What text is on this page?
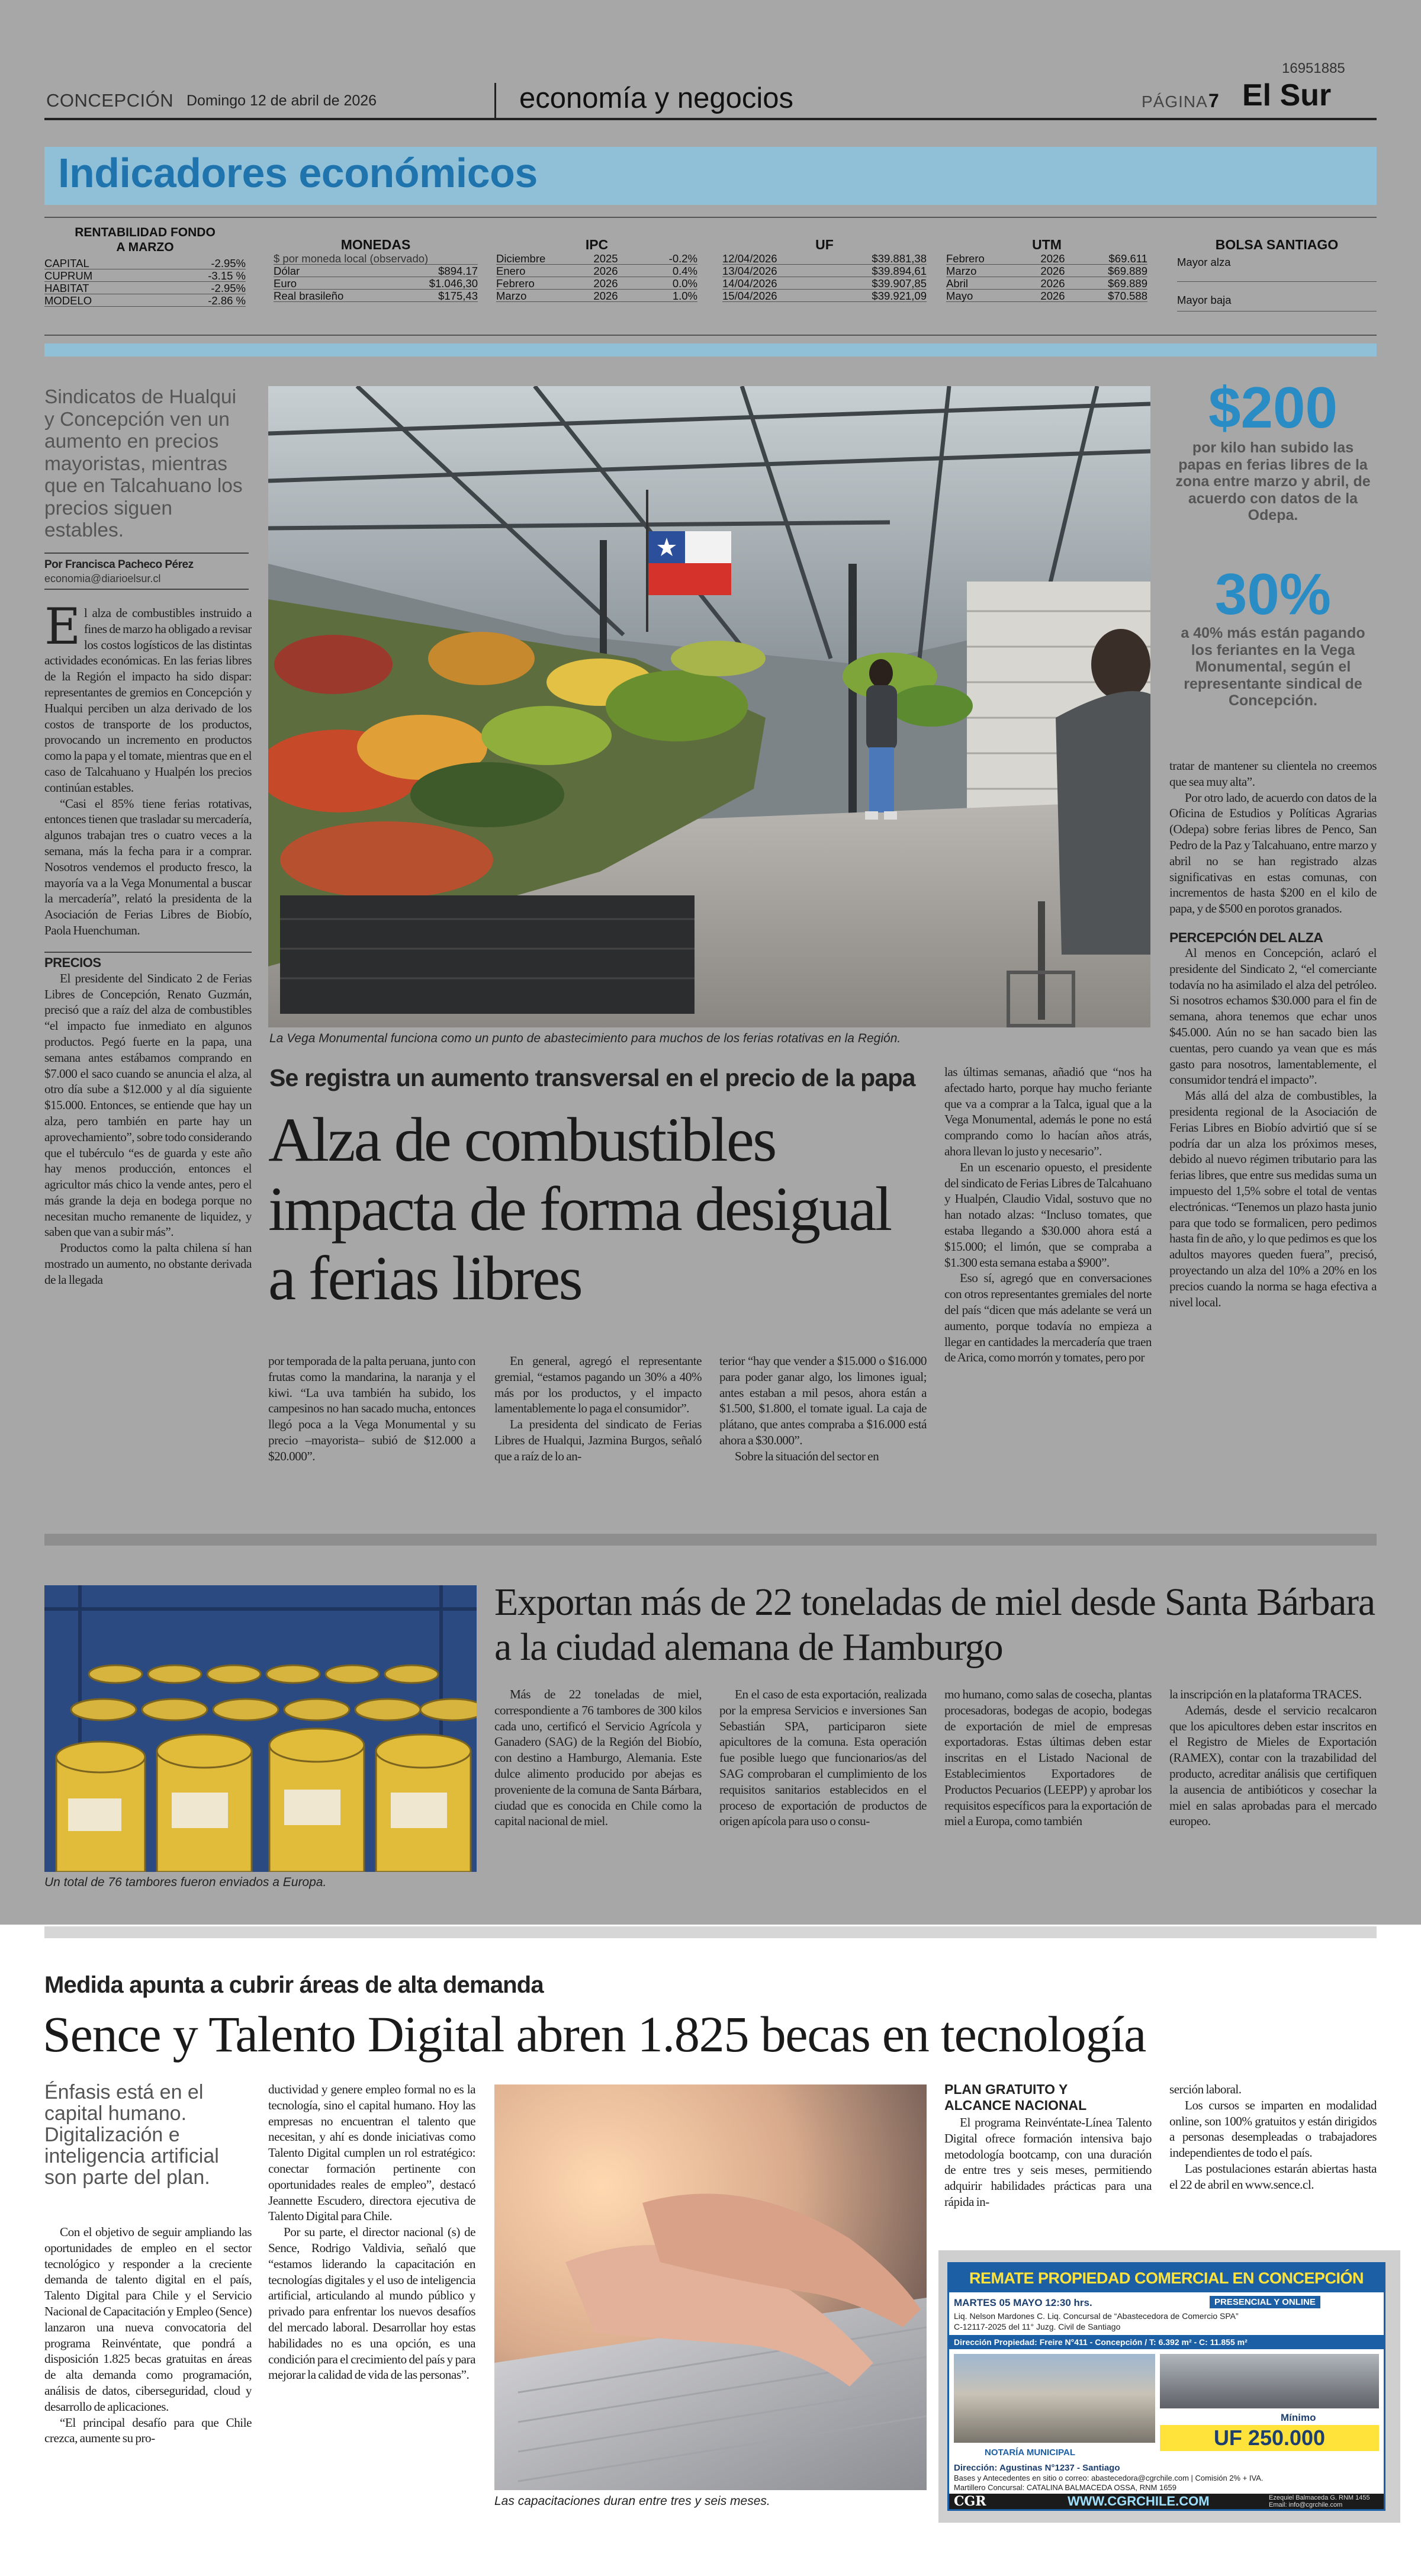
16951885
CONCEPCIÓN Domingo 12 de abril de 2026	economía y negocios	PÁGINA 7 El Sur
Indicadores económicos
RENTABILIDAD FONDO A MARZO
CAPITAL	-2.95%
CUPRUM	-3.15 %
HABITAT	-2.95%
MODELO	-2.86 %
MONEDAS
$ por moneda local (observado)
Dólar	$894.17
Euro	$1.046,30
Real brasileño	$175,43
IPC
Diciembre	2025	-0.2%
Enero	2026	0.4%
Febrero	2026	0.0%
Marzo	2026	1.0%
UF
12/04/2026	$39.881,38
13/04/2026	$39.894,61
14/04/2026	$39.907,85
15/04/2026	$39.921,09
UTM
Febrero	2026	$69.611
Marzo	2026	$69.889
Abril	2026	$69.889
Mayo	2026	$70.588
BOLSA SANTIAGO
Mayor alza
Mayor baja
Sindicatos de Hualqui y Concepción ven un aumento en precios mayoristas, mientras que en Talcahuano los precios siguen estables.
Por Francisca Pacheco Pérez
economia@diarioelsur.cl

El alza de combustibles instruido a fines de marzo ha obligado a revisar los costos logísticos de las distintas actividades económicas. En las ferias libres de la Región el impacto ha sido dispar: representantes de gremios en Concepción y Hualqui perciben un alza derivado de los costos de transporte de los productos, provocando un incremento en productos como la papa y el tomate, mientras que en el caso de Talcahuano y Hualpén los precios continúan estables.

“Casi el 85% tiene ferias rotativas, entonces tienen que trasladar su mercadería, algunos trabajan tres o cuatro veces a la semana, más la fecha para ir a comprar. Nosotros vendemos el producto fresco, la mayoría va a la Vega Monumental a buscar la mercadería”, relató la presidenta de la Asociación de Ferias Libres de Biobío, Paola Huenchuman.

PRECIOS

El presidente del Sindicato 2 de Ferias Libres de Concepción, Renato Guzmán, precisó que a raíz del alza de combustibles “el impacto fue inmediato en algunos productos. Pegó fuerte en la papa, una semana antes estábamos comprando en $7.000 el saco cuando se anuncia el alza, al otro día sube a $12.000 y al día siguiente $15.000. Entonces, se entiende que hay un alza, pero también en parte hay un aprovechamiento”, sobre todo considerando que el tubérculo “es de guarda y este año hay menos producción, entonces el agricultor más chico la vende antes, pero el más grande la deja en bodega porque no necesitan mucho remanente de liquidez, y saben que van a subir más”.

Productos como la palta chilena sí han mostrado un aumento, no obstante derivada de la llegada

La Vega Monumental funciona como un punto de abastecimiento para muchos de los ferias rotativas en la Región.
Se registra un aumento transversal en el precio de la papa
Alza de combustibles impacta de forma desigual a ferias libres

por temporada de la palta peruana, junto con frutas como la mandarina, la naranja y el kiwi. “La uva también ha subido, los campesinos no han sacado mucha, entonces llegó poca a la Vega Monumental y su precio –mayorista– subió de $12.000 a $20.000”.

En general, agregó el representante gremial, “estamos pagando un 30% a 40% más por los productos, y el impacto lamentablemente lo paga el consumidor”.

La presidenta del sindicato de Ferias Libres de Hualqui, Jazmina Burgos, señaló que a raíz de lo an-

terior “hay que vender a $15.000 o $16.000 para poder ganar algo, los limones igual; antes estaban a mil pesos, ahora están a $1.500, $1.800, el tomate igual. La caja de plátano, que antes compraba a $16.000 está ahora a $30.000”.

Sobre la situación del sector en

las últimas semanas, añadió que “nos ha afectado harto, porque hay mucho feriante que va a comprar a la Talca, igual que a la Vega Monumental, además le pone no está comprando como lo hacían años atrás, ahora llevan lo justo y necesario”.

En un escenario opuesto, el presidente del sindicato de Ferias Libres de Talcahuano y Hualpén, Claudio Vidal, sostuvo que no han notado alzas: “Incluso tomates, que estaba llegando a $30.000 ahora está a $15.000; el limón, que se compraba a $1.300 esta semana estaba a $900”.

Eso sí, agregó que en conversaciones con otros representantes gremiales del norte del país “dicen que más adelante se verá un aumento, porque todavía no empieza a llegar en cantidades la mercadería que traen de Arica, como morrón y tomates, pero por

$200
por kilo han subido las papas en ferias libres de la zona entre marzo y abril, de acuerdo con datos de la Odepa.
30%
a 40% más están pagando los feriantes en la Vega Monumental, según el representante sindical de Concepción.

tratar de mantener su clientela no creemos que sea muy alta”.

Por otro lado, de acuerdo con datos de la Oficina de Estudios y Políticas Agrarias (Odepa) sobre ferias libres de Penco, San Pedro de la Paz y Talcahuano, entre marzo y abril no se han registrado alzas significativas en estas comunas, con incrementos de hasta $200 en el kilo de papa, y de $500 en porotos granados.

PERCEPCIÓN DEL ALZA

Al menos en Concepción, aclaró el presidente del Sindicato 2, “el comerciante todavía no ha asimilado el alza del petróleo. Si nosotros echamos $30.000 para el fin de semana, ahora tenemos que echar unos $45.000. Aún no se han sacado bien las cuentas, pero cuando ya vean que es más gasto para nosotros, lamentablemente, el consumidor tendrá el impacto”.

Más allá del alza de combustibles, la presidenta regional de la Asociación de Ferias Libres en Biobío advirtió que sí se podría dar un alza los próximos meses, debido al nuevo régimen tributario para las ferias libres, que entre sus medidas suma un impuesto del 1,5% sobre el total de ventas electrónicas. “Tenemos un plazo hasta junio para que todo se formalicen, pero pedimos hasta fin de año, y lo que pedimos es que los adultos mayores queden fuera”, precisó, proyectando un alza del 10% a 20% en los precios cuando la norma se haga efectiva a nivel local.

Un total de 76 tambores fueron enviados a Europa.
Exportan más de 22 toneladas de miel desde Santa Bárbara a la ciudad alemana de Hamburgo

Más de 22 toneladas de miel, correspondiente a 76 tambores de 300 kilos cada uno, certificó el Servicio Agrícola y Ganadero (SAG) de la Región del Biobío, con destino a Hamburgo, Alemania. Este dulce alimento producido por abejas es proveniente de la comuna de Santa Bárbara, ciudad que es conocida en Chile como la capital nacional de miel.

En el caso de esta exportación, realizada por la empresa Servicios e inversiones San Sebastián SPA, participaron siete apicultores de la comuna. Esta operación fue posible luego que funcionarios/as del SAG comprobaran el cumplimiento de los requisitos sanitarios establecidos en el proceso de exportación de productos de origen apícola para uso o consu-

mo humano, como salas de cosecha, plantas procesadoras, bodegas de acopio, bodegas de exportación de miel de empresas exportadoras. Estas últimas deben estar inscritas en el Listado Nacional de Establecimientos Exportadores de Productos Pecuarios (LEEPP) y aprobar los requisitos específicos para la exportación de miel a Europa, como también

la inscripción en la plataforma TRACES.

Además, desde el servicio recalcaron que los apicultores deben estar inscritos en el Registro de Mieles de Exportación (RAMEX), contar con la trazabilidad del producto, acreditar análisis que certifiquen la ausencia de antibióticos y cosechar la miel en salas aprobadas para el mercado europeo.

Medida apunta a cubrir áreas de alta demanda
Sence y Talento Digital abren 1.825 becas en tecnología
Énfasis está en el capital humano. Digitalización e inteligencia artificial son parte del plan.

Con el objetivo de seguir ampliando las oportunidades de empleo en el sector tecnológico y responder a la creciente demanda de talento digital en el país, Talento Digital para Chile y el Servicio Nacional de Capacitación y Empleo (Sence) lanzaron una nueva convocatoria del programa Reinvéntate, que pondrá a disposición 1.825 becas gratuitas en áreas de alta demanda como programación, análisis de datos, ciberseguridad, cloud y desarrollo de aplicaciones.

“El principal desafío para que Chile crezca, aumente su pro-

ductividad y genere empleo formal no es la tecnología, sino el capital humano. Hoy las empresas no encuentran el talento que necesitan, y ahí es donde iniciativas como Talento Digital cumplen un rol estratégico: conectar formación pertinente con oportunidades reales de empleo”, destacó Jeannette Escudero, directora ejecutiva de Talento Digital para Chile.

Por su parte, el director nacional (s) de Sence, Rodrigo Valdivia, señaló que “estamos liderando la capacitación en tecnologías digitales y el uso de inteligencia artificial, articulando al mundo público y privado para enfrentar los nuevos desafíos del mercado laboral. Desarrollar hoy estas habilidades no es una opción, es una condición para el crecimiento del país y para mejorar la calidad de vida de las personas”.

Las capacitaciones duran entre tres y seis meses.
PLAN GRATUITO Y ALCANCE NACIONAL

El programa Reinvéntate-Línea Talento Digital ofrece formación intensiva bajo metodología bootcamp, con una duración de entre tres y seis meses, permitiendo adquirir habilidades prácticas para una rápida in-

serción laboral.

Los cursos se imparten en modalidad online, son 100% gratuitos y están dirigidos a personas desempleadas o trabajadores independientes de todo el país.

Las postulaciones estarán abiertas hasta el 22 de abril en www.sence.cl.

REMATE PROPIEDAD COMERCIAL EN CONCEPCIÓN
MARTES 05 MAYO 12:30 hrs.	PRESENCIAL Y ONLINE
Liq. Nelson Mardones C. Liq. Concursal de “Abastecedora de Comercio SPA”
C-12117-2025 del 11° Juzg. Civil de Santiago
Dirección Propiedad: Freire N°411 - Concepción / T: 6.392 m² - C: 11.855 m²
NOTARÍA MUNICIPAL
Mínimo
UF 250.000
Dirección: Agustinas N°1237 - Santiago
Bases y Antecedentes en sitio o correo: abastecedora@cgrchile.com | Comisión 2% + IVA.
Martillero Concursal: CATALINA BALMACEDA OSSA, RNM 1659
CGR	WWW.CGRCHILE.COM	Ezequiel Balmaceda G. RNM 1455
Email: info@cgrchile.com
